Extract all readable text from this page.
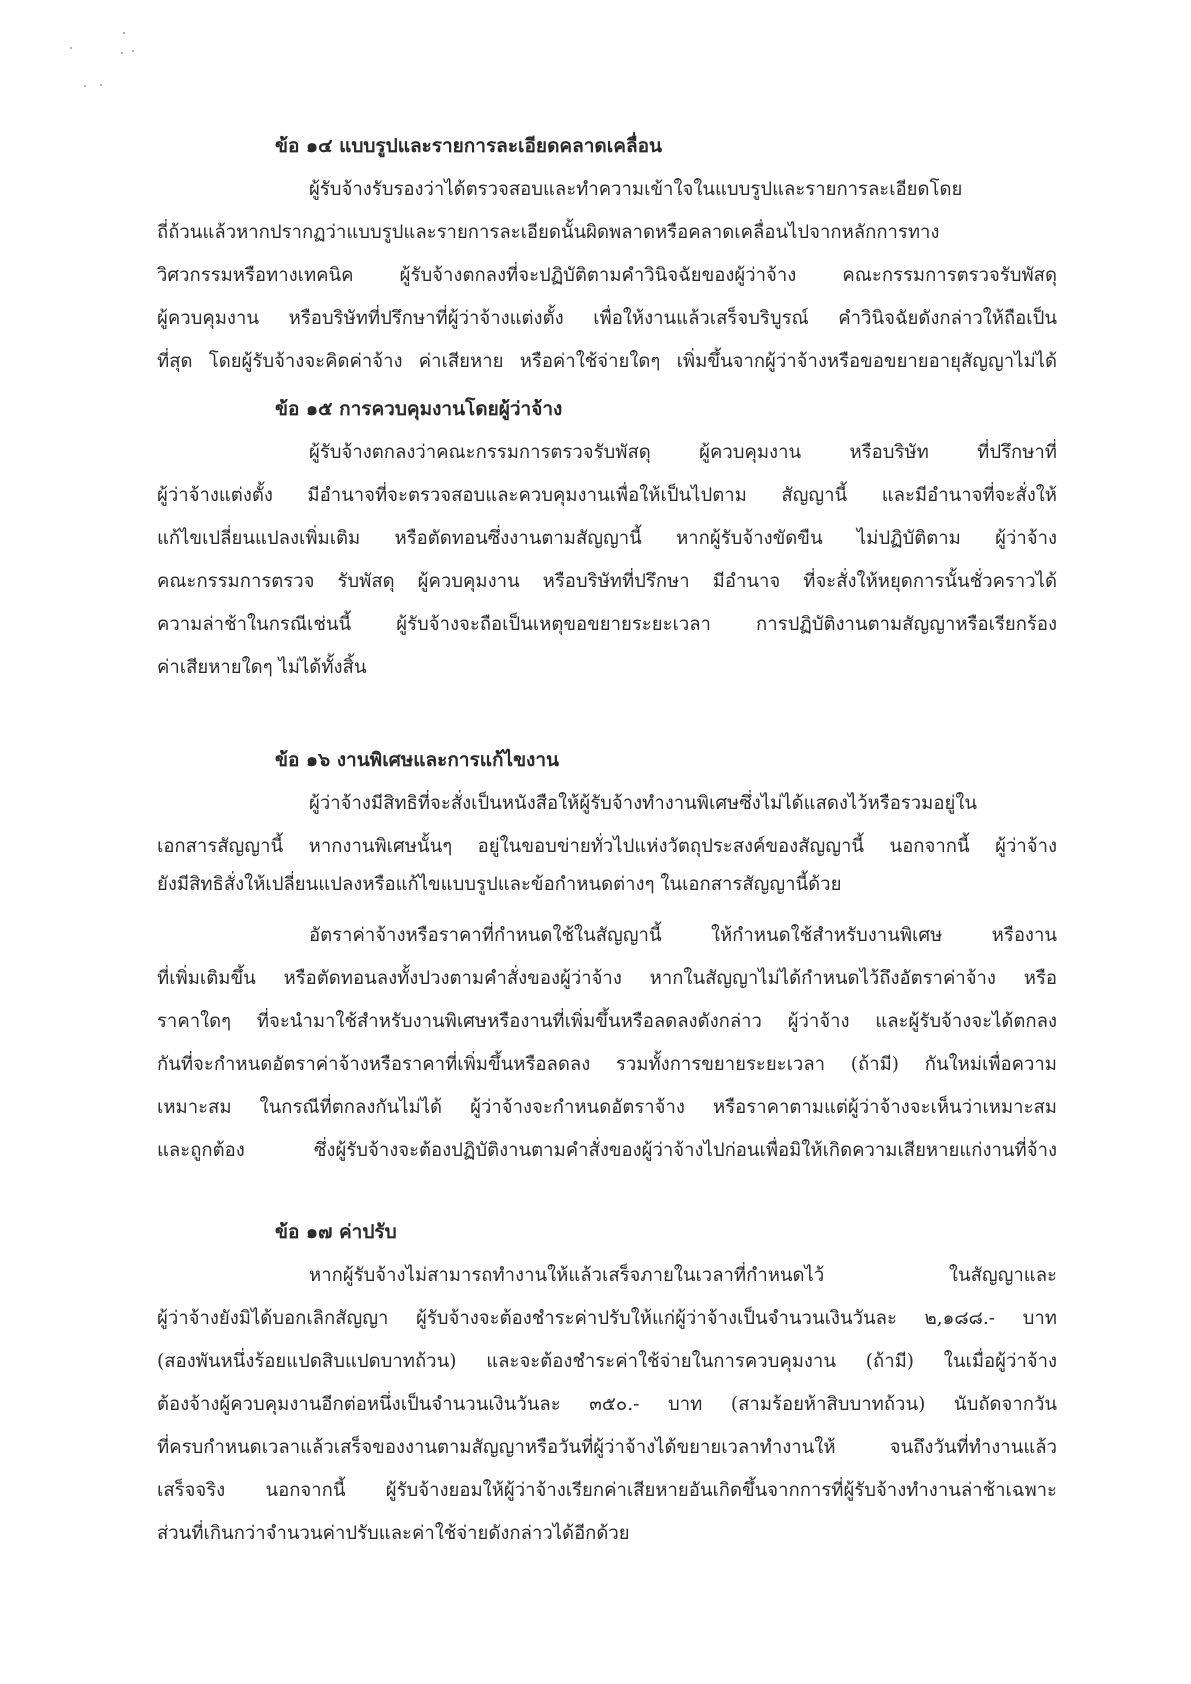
ข้อ ๑๔ แบบรูปและรายการละเอียดคลาดเคลื่อน
ผู้รับจ้างรับรองว่าได้ตรวจสอบและทำความเข้าใจในแบบรูปและรายการละเอียดโดย
ถี่ถ้วนแล้วหากปรากฏว่าแบบรูปและรายการละเอียดนั้นผิดพลาดหรือคลาดเคลื่อนไปจากหลักการทาง
วิศวกรรมหรือทางเทคนิค ผู้รับจ้างตกลงที่จะปฏิบัติตามคำวินิจฉัยของผู้ว่าจ้าง คณะกรรมการตรวจรับพัสดุ
ผู้ควบคุมงาน หรือบริษัทที่ปรึกษาที่ผู้ว่าจ้างแต่งตั้ง เพื่อให้งานแล้วเสร็จบริบูรณ์ คำวินิจฉัยดังกล่าวให้ถือเป็น
ที่สุด โดยผู้รับจ้างจะคิดค่าจ้าง ค่าเสียหาย หรือค่าใช้จ่ายใดๆ เพิ่มขึ้นจากผู้ว่าจ้างหรือขอขยายอายุสัญญาไม่ได้
ข้อ ๑๕ การควบคุมงานโดยผู้ว่าจ้าง
ผู้รับจ้างตกลงว่าคณะกรรมการตรวจรับพัสดุ ผู้ควบคุมงาน หรือบริษัท ที่ปรึกษาที่
ผู้ว่าจ้างแต่งตั้ง มีอำนาจที่จะตรวจสอบและควบคุมงานเพื่อให้เป็นไปตาม สัญญานี้ และมีอำนาจที่จะสั่งให้
แก้ไขเปลี่ยนแปลงเพิ่มเติม หรือตัดทอนซึ่งงานตามสัญญานี้ หากผู้รับจ้างขัดขืน ไม่ปฏิบัติตาม ผู้ว่าจ้าง
คณะกรรมการตรวจ รับพัสดุ ผู้ควบคุมงาน หรือบริษัทที่ปรึกษา มีอำนาจ ที่จะสั่งให้หยุดการนั้นชั่วคราวได้
ความล่าช้าในกรณีเช่นนี้ ผู้รับจ้างจะถือเป็นเหตุขอขยายระยะเวลา การปฏิบัติงานตามสัญญาหรือเรียกร้อง
ค่าเสียหายใดๆ ไม่ได้ทั้งสิ้น
ข้อ ๑๖ งานพิเศษและการแก้ไขงาน
ผู้ว่าจ้างมีสิทธิที่จะสั่งเป็นหนังสือให้ผู้รับจ้างทำงานพิเศษซึ่งไม่ได้แสดงไว้หรือรวมอยู่ใน
เอกสารสัญญานี้ หากงานพิเศษนั้นๆ อยู่ในขอบข่ายทั่วไปแห่งวัตถุประสงค์ของสัญญานี้ นอกจากนี้ ผู้ว่าจ้าง
ยังมีสิทธิสั่งให้เปลี่ยนแปลงหรือแก้ไขแบบรูปและข้อกำหนดต่างๆ ในเอกสารสัญญานี้ด้วย
อัตราค่าจ้างหรือราคาที่กำหนดใช้ในสัญญานี้ ให้กำหนดใช้สำหรับงานพิเศษ หรืองาน
ที่เพิ่มเติมขึ้น หรือตัดทอนลงทั้งปวงตามคำสั่งของผู้ว่าจ้าง หากในสัญญาไม่ได้กำหนดไว้ถึงอัตราค่าจ้าง หรือ
ราคาใดๆ ที่จะนำมาใช้สำหรับงานพิเศษหรืองานที่เพิ่มขึ้นหรือลดลงดังกล่าว ผู้ว่าจ้าง และผู้รับจ้างจะได้ตกลง
กันที่จะกำหนดอัตราค่าจ้างหรือราคาที่เพิ่มขึ้นหรือลดลง รวมทั้งการขยายระยะเวลา (ถ้ามี) กันใหม่เพื่อความ
เหมาะสม ในกรณีที่ตกลงกันไม่ได้ ผู้ว่าจ้างจะกำหนดอัตราจ้าง หรือราคาตามแต่ผู้ว่าจ้างจะเห็นว่าเหมาะสม
และถูกต้อง ซึ่งผู้รับจ้างจะต้องปฏิบัติงานตามคำสั่งของผู้ว่าจ้างไปก่อนเพื่อมิให้เกิดความเสียหายแก่งานที่จ้าง
ข้อ ๑๗ ค่าปรับ
หากผู้รับจ้างไม่สามารถทำงานให้แล้วเสร็จภายในเวลาที่กำหนดไว้ ในสัญญาและ
ผู้ว่าจ้างยังมิได้บอกเลิกสัญญา ผู้รับจ้างจะต้องชำระค่าปรับให้แก่ผู้ว่าจ้างเป็นจำนวนเงินวันละ ๒,๑๘๘.- บาท
(สองพันหนึ่งร้อยแปดสิบแปดบาทถ้วน) และจะต้องชำระค่าใช้จ่ายในการควบคุมงาน (ถ้ามี) ในเมื่อผู้ว่าจ้าง
ต้องจ้างผู้ควบคุมงานอีกต่อหนึ่งเป็นจำนวนเงินวันละ ๓๕๐.- บาท (สามร้อยห้าสิบบาทถ้วน) นับถัดจากวัน
ที่ครบกำหนดเวลาแล้วเสร็จของงานตามสัญญาหรือวันที่ผู้ว่าจ้างได้ขยายเวลาทำงานให้ จนถึงวันที่ทำงานแล้ว
เสร็จจริง นอกจากนี้ ผู้รับจ้างยอมให้ผู้ว่าจ้างเรียกค่าเสียหายอันเกิดขึ้นจากการที่ผู้รับจ้างทำงานล่าช้าเฉพาะ
ส่วนที่เกินกว่าจำนวนค่าปรับและค่าใช้จ่ายดังกล่าวได้อีกด้วย
